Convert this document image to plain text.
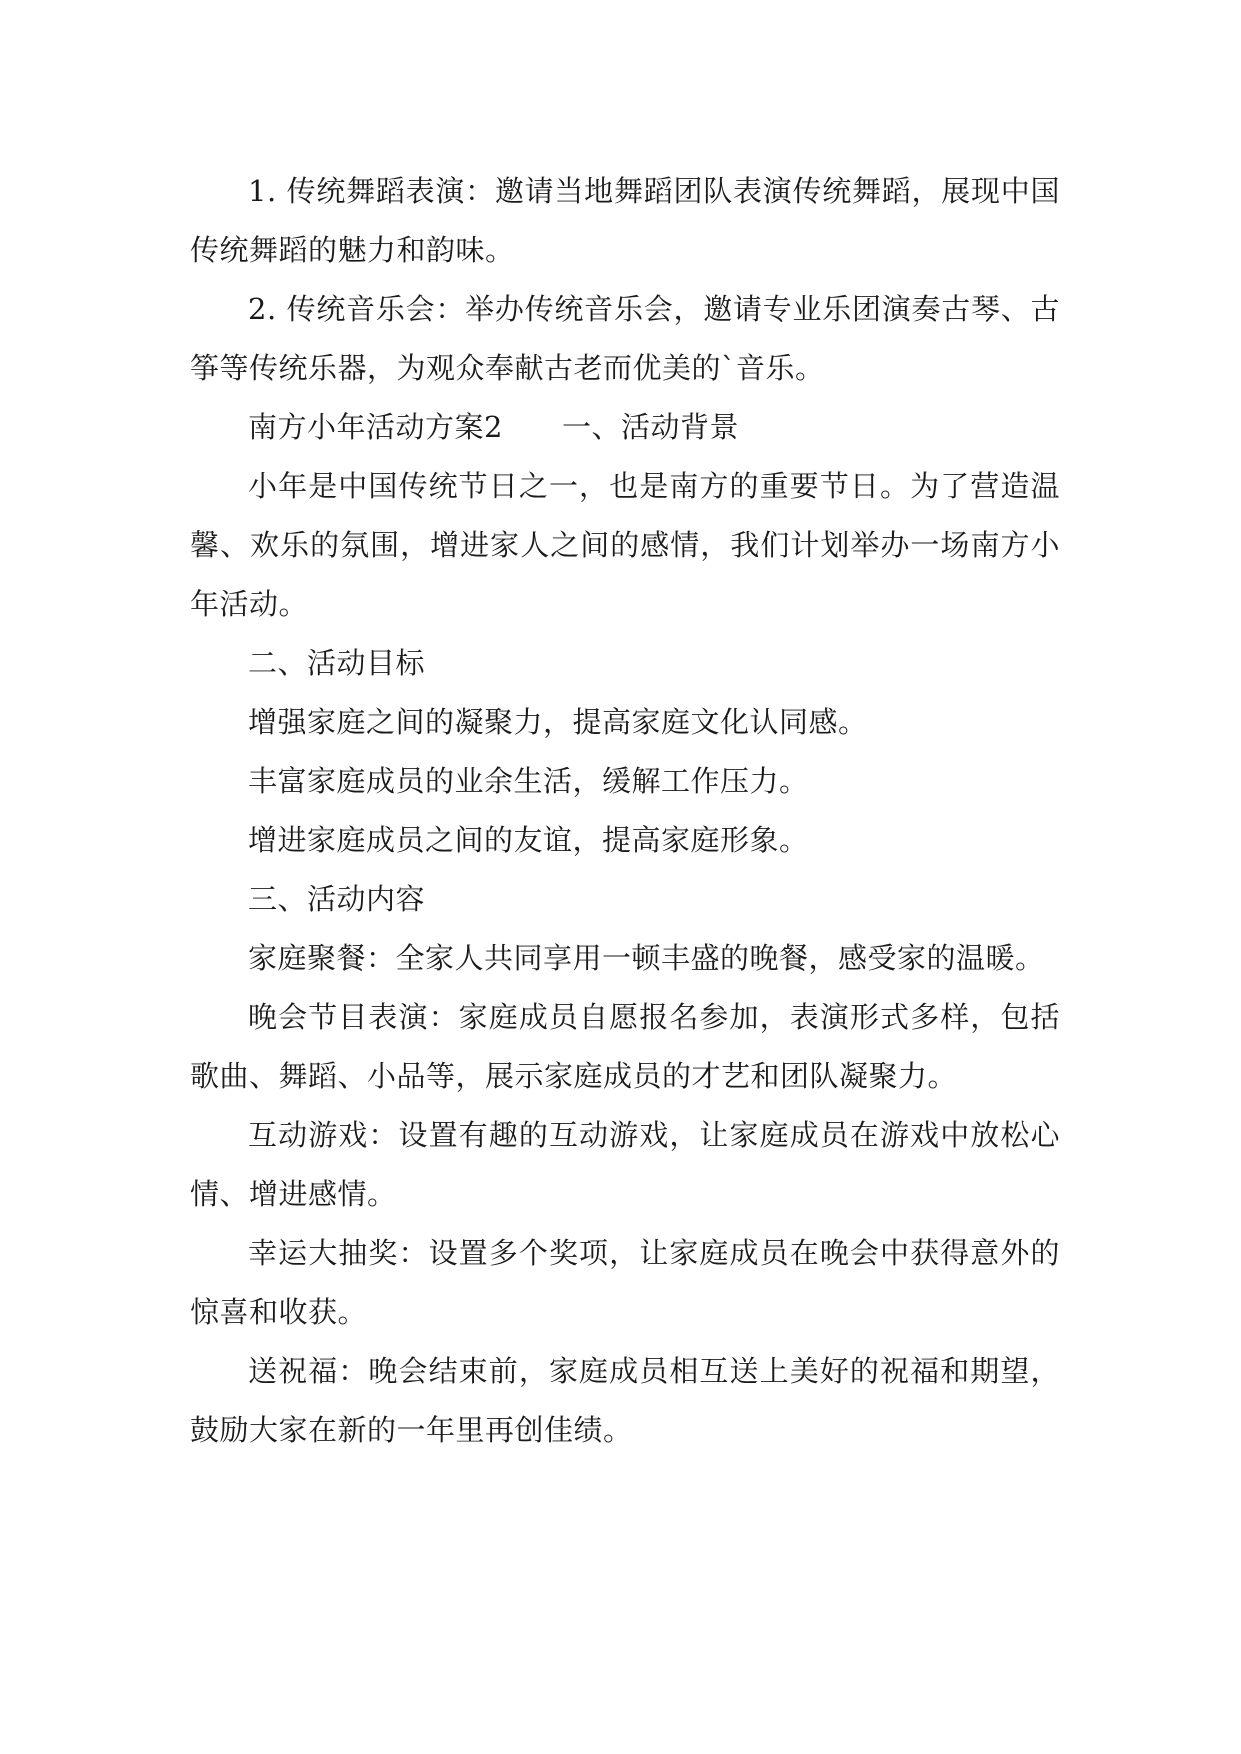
1. 传统舞蹈表演：邀请当地舞蹈团队表演传统舞蹈，展现中国传统舞蹈的魅力和韵味。

2. 传统音乐会：举办传统音乐会，邀请专业乐团演奏古琴、古筝等传统乐器，为观众奉献古老而优美的`音乐。

南方小年活动方案2　　一、活动背景

小年是中国传统节日之一，也是南方的重要节日。为了营造温馨、欢乐的氛围，增进家人之间的感情，我们计划举办一场南方小年活动。

二、活动目标

增强家庭之间的凝聚力，提高家庭文化认同感。

丰富家庭成员的业余生活，缓解工作压力。

增进家庭成员之间的友谊，提高家庭形象。

三、活动内容

家庭聚餐：全家人共同享用一顿丰盛的晚餐，感受家的温暖。

晚会节目表演：家庭成员自愿报名参加，表演形式多样，包括歌曲、舞蹈、小品等，展示家庭成员的才艺和团队凝聚力。

互动游戏：设置有趣的互动游戏，让家庭成员在游戏中放松心情、增进感情。

幸运大抽奖：设置多个奖项，让家庭成员在晚会中获得意外的惊喜和收获。

送祝福：晚会结束前，家庭成员相互送上美好的祝福和期望，鼓励大家在新的一年里再创佳绩。
